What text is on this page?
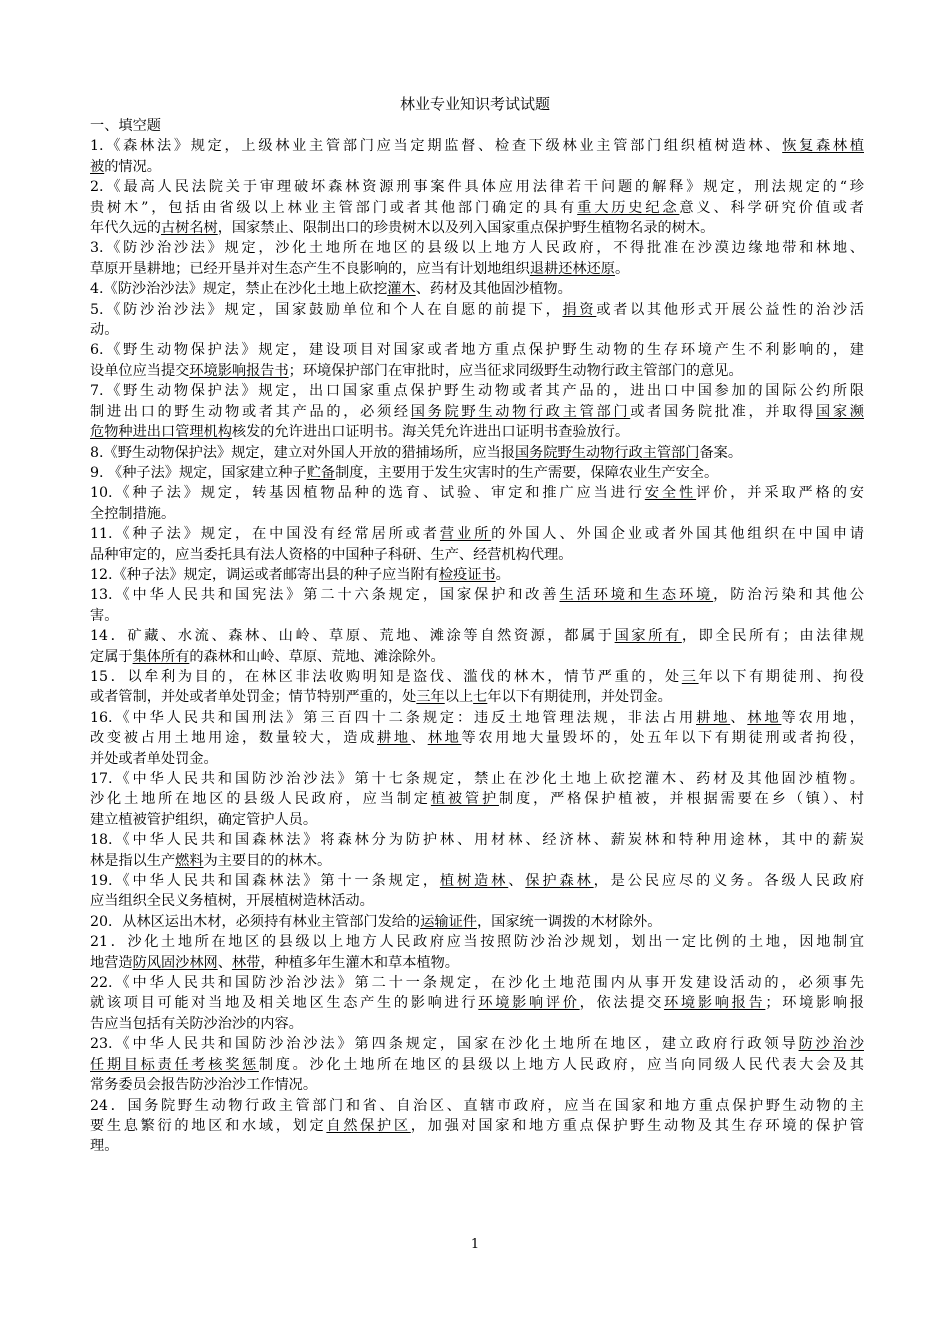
林业专业知识考试试题
一、填空题
1.《森林法》规定，上级林业主管部门应当定期监督、检查下级林业主管部门组织植树造林、恢复森林植
被的情况。
2.《最高人民法院关于审理破坏森林资源刑事案件具体应用法律若干问题的解释》规定，刑法规定的“珍
贵树木”，包括由省级以上林业主管部门或者其他部门确定的具有重大历史纪念意义、科学研究价值或者
年代久远的古树名树，国家禁止、限制出口的珍贵树木以及列入国家重点保护野生植物名录的树木。
3.《防沙治沙法》规定，沙化土地所在地区的县级以上地方人民政府，不得批准在沙漠边缘地带和林地、
草原开垦耕地；已经开垦并对生态产生不良影响的，应当有计划地组织退耕还林还原。
4.《防沙治沙法》规定，禁止在沙化土地上砍挖灌木、药材及其他固沙植物。
5.《防沙治沙法》规定，国家鼓励单位和个人在自愿的前提下，捐资或者以其他形式开展公益性的治沙活
动。
6.《野生动物保护法》规定，建设项目对国家或者地方重点保护野生动物的生存环境产生不利影响的，建
设单位应当提交环境影响报告书；环境保护部门在审批时，应当征求同级野生动物行政主管部门的意见。
7.《野生动物保护法》规定，出口国家重点保护野生动物或者其产品的，进出口中国参加的国际公约所限
制进出口的野生动物或者其产品的，必须经国务院野生动物行政主管部门或者国务院批准，并取得国家濒
危物种进出口管理机构核发的允许进出口证明书。海关凭允许进出口证明书查验放行。
8.《野生动物保护法》规定，建立对外国人开放的猎捕场所，应当报国务院野生动物行政主管部门备案。
9. 《种子法》规定，国家建立种子贮备制度，主要用于发生灾害时的生产需要，保障农业生产安全。
10.《种子法》规定，转基因植物品种的选育、试验、审定和推广应当进行安全性评价，并采取严格的安
全控制措施。
11.《种子法》规定，在中国没有经常居所或者营业所的外国人、外国企业或者外国其他组织在中国申请
品种审定的，应当委托具有法人资格的中国种子科研、生产、经营机构代理。
12.《种子法》规定，调运或者邮寄出县的种子应当附有检疫证书。
13.《中华人民共和国宪法》第二十六条规定，国家保护和改善生活环境和生态环境，防治污染和其他公
害。
14．矿藏、水流、森林、山岭、草原、荒地、滩涂等自然资源，都属于国家所有，即全民所有；由法律规
定属于集体所有的森林和山岭、草原、荒地、滩涂除外。
15．以牟利为目的，在林区非法收购明知是盗伐、滥伐的林木，情节严重的，处三年以下有期徒刑、拘役
或者管制，并处或者单处罚金；情节特别严重的，处三年以上七年以下有期徒刑，并处罚金。
16.《中华人民共和国刑法》第三百四十二条规定：违反土地管理法规，非法占用耕地、林地等农用地，
改变被占用土地用途，数量较大，造成耕地、林地等农用地大量毁坏的，处五年以下有期徒刑或者拘役，
并处或者单处罚金。
17.《中华人民共和国防沙治沙法》第十七条规定，禁止在沙化土地上砍挖灌木、药材及其他固沙植物。
沙化土地所在地区的县级人民政府，应当制定植被管护制度，严格保护植被，并根据需要在乡（镇）、村
建立植被管护组织，确定管护人员。
18.《中华人民共和国森林法》将森林分为防护林、用材林、经济林、薪炭林和特种用途林，其中的薪炭
林是指以生产燃料为主要目的的林木。
19.《中华人民共和国森林法》第十一条规定，植树造林、保护森林，是公民应尽的义务。各级人民政府
应当组织全民义务植树，开展植树造林活动。
20．从林区运出木材，必须持有林业主管部门发给的运输证件，国家统一调拨的木材除外。
21．沙化土地所在地区的县级以上地方人民政府应当按照防沙治沙规划，划出一定比例的土地，因地制宜
地营造防风固沙林网、林带，种植多年生灌木和草本植物。
22.《中华人民共和国防沙治沙法》第二十一条规定，在沙化土地范围内从事开发建设活动的，必须事先
就该项目可能对当地及相关地区生态产生的影响进行环境影响评价，依法提交环境影响报告；环境影响报
告应当包括有关防沙治沙的内容。
23.《中华人民共和国防沙治沙法》第四条规定，国家在沙化土地所在地区，建立政府行政领导防沙治沙
任期目标责任考核奖惩制度。沙化土地所在地区的县级以上地方人民政府，应当向同级人民代表大会及其
常务委员会报告防沙治沙工作情况。
24．国务院野生动物行政主管部门和省、自治区、直辖市政府，应当在国家和地方重点保护野生动物的主
要生息繁衍的地区和水域，划定自然保护区，加强对国家和地方重点保护野生动物及其生存环境的保护管
理。
1
